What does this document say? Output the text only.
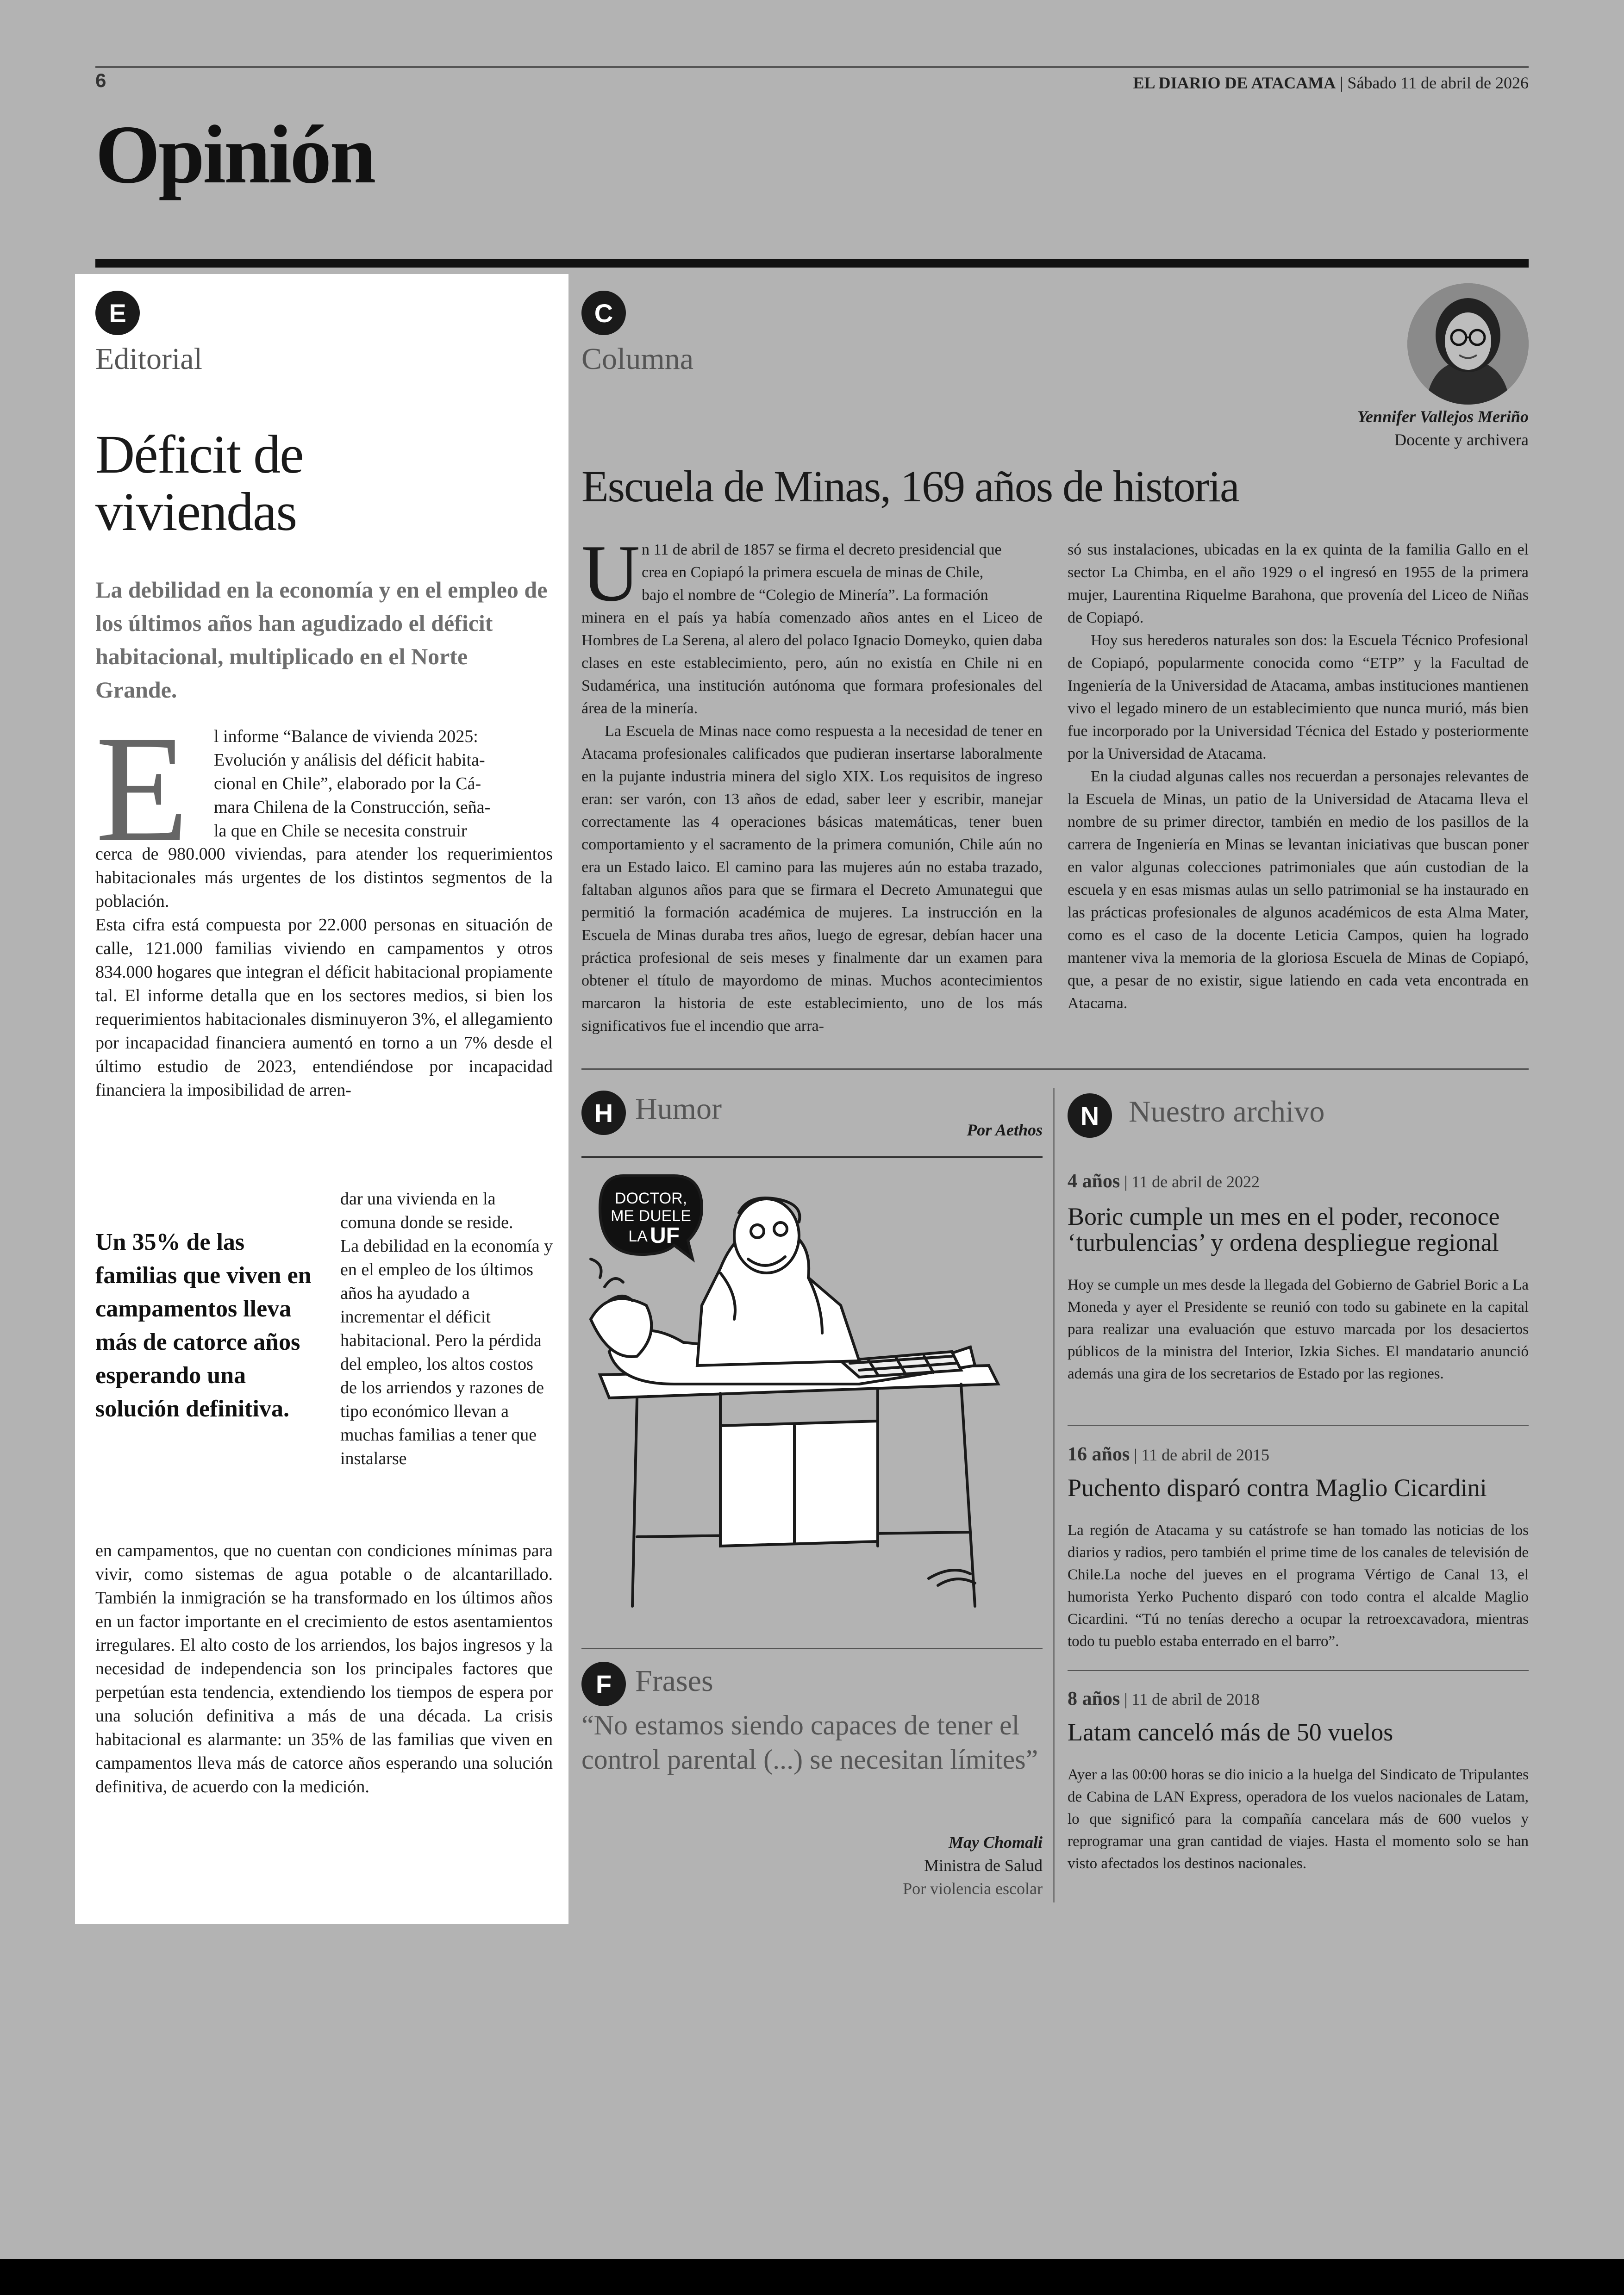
6	EL DIARIO DE ATACAMA | Sábado 11 de abril de 2026
Opinión
E
Editorial
Déficit de
viviendas
La debilidad en la economía y en el empleo de los últimos años han agudizado el déficit habitacional, multiplicado en el Norte Grande.
E l informe “Balance de vivienda 2025:
Evolución y análisis del déficit habita-
cional en Chile”, elaborado por la Cá-
mara Chilena de la Construcción, seña-
la que en Chile se necesita construir

cerca de 980.000 viviendas, para atender los requerimientos habitacionales más urgentes de los distintos segmentos de la población.

Esta cifra está compuesta por 22.000 personas en situación de calle, 121.000 familias viviendo en campamentos y otros 834.000 hogares que integran el déficit habitacional propiamente tal. El informe detalla que en los sectores medios, si bien los requerimientos habitacionales disminuyeron 3%, el allegamiento por incapacidad financiera aumentó en torno a un 7% desde el último estudio de 2023, entendiéndose por incapacidad financiera la imposibilidad de arren-

dar una vivienda en la comuna donde se reside.

La debilidad en la economía y en el empleo de los últimos años ha ayudado a incrementar el déficit habitacional. Pero la pérdida del empleo, los altos costos de los arriendos y razones de tipo económico llevan a muchas familias a tener que instalarse

Un 35% de las familias que viven en campamentos lleva más de catorce años esperando una solución definitiva.

en campamentos, que no cuentan con condiciones mínimas para vivir, como sistemas de agua potable o de alcantarillado. También la inmigración se ha transformado en los últimos años en un factor importante en el crecimiento de estos asentamientos irregulares. El alto costo de los arriendos, los bajos ingresos y la necesidad de independencia son los principales factores que perpetúan esta tendencia, extendiendo los tiempos de espera por una solución definitiva a más de una década. La crisis habitacional es alarmante: un 35% de las familias que viven en campamentos lleva más de catorce años esperando una solución definitiva, de acuerdo con la medición.

C
Columna
Yennifer Vallejos Meriño
Docente y archivera
Escuela de Minas, 169 años de historia
U n 11 de abril de 1857 se firma el decreto presidencial que
crea en Copiapó la primera escuela de minas de Chile,
bajo el nombre de “Colegio de Minería”. La formación
minera en el país ya había comenzado años antes en el Liceo de Hombres de La Serena, al alero del polaco Ignacio Domeyko, quien daba clases en este establecimiento, pero, aún no existía en Chile ni en Sudamérica, una institución autónoma que formara profesionales del área de la minería.
La Escuela de Minas nace como respuesta a la necesidad de tener en Atacama profesionales calificados que pudieran insertarse laboralmente en la pujante industria minera del siglo XIX. Los requisitos de ingreso eran: ser varón, con 13 años de edad, saber leer y escribir, manejar correctamente las 4 operaciones básicas matemáticas, tener buen comportamiento y el sacramento de la primera comunión, Chile aún no era un Estado laico. El camino para las mujeres aún no estaba trazado, faltaban algunos años para que se firmara el Decreto Amunategui que permitió la formación académica de mujeres. La instrucción en la Escuela de Minas duraba tres años, luego de egresar, debían hacer una práctica profesional de seis meses y finalmente dar un examen para obtener el título de mayordomo de minas. Muchos acontecimientos marcaron la historia de este establecimiento, uno de los más significativos fue el incendio que arra-
só sus instalaciones, ubicadas en la ex quinta de la familia Gallo en el sector La Chimba, en el año 1929 o el ingresó en 1955 de la primera mujer, Laurentina Riquelme Barahona, que provenía del Liceo de Niñas de Copiapó.
Hoy sus herederos naturales son dos: la Escuela Técnico Profesional de Copiapó, popularmente conocida como “ETP” y la Facultad de Ingeniería de la Universidad de Atacama, ambas instituciones mantienen vivo el legado minero de un establecimiento que nunca murió, más bien fue incorporado por la Universidad Técnica del Estado y posteriormente por la Universidad de Atacama.
En la ciudad algunas calles nos recuerdan a personajes relevantes de la Escuela de Minas, un patio de la Universidad de Atacama lleva el nombre de su primer director, también en medio de los pasillos de la carrera de Ingeniería en Minas se levantan iniciativas que buscan poner en valor algunas colecciones patrimoniales que aún custodian de la escuela y en esas mismas aulas un sello patrimonial se ha instaurado en las prácticas profesionales de algunos académicos de esta Alma Mater, como es el caso de la docente Leticia Campos, quien ha logrado mantener viva la memoria de la gloriosa Escuela de Minas de Copiapó, que, a pesar de no existir, sigue latiendo en cada veta encontrada en Atacama.
H Humor
Por Aethos
DOCTOR,
ME DUELE
LA UF
F Frases
“No estamos siendo capaces de tener el control parental (...) se necesitan límites”
May Chomali
Ministra de Salud
Por violencia escolar
N Nuestro archivo
4 años | 11 de abril de 2022
Boric cumple un mes en el poder, reconoce ‘turbulencias’ y ordena despliegue regional
Hoy se cumple un mes desde la llegada del Gobierno de Gabriel Boric a La Moneda y ayer el Presidente se reunió con todo su gabinete en la capital para realizar una evaluación que estuvo marcada por los desaciertos públicos de la ministra del Interior, Izkia Siches. El mandatario anunció además una gira de los secretarios de Estado por las regiones.
16 años | 11 de abril de 2015
Puchento disparó contra Maglio Cicardini
La región de Atacama y su catástrofe se han tomado las noticias de los diarios y radios, pero también el prime time de los canales de televisión de Chile.La noche del jueves en el programa Vértigo de Canal 13, el humorista Yerko Puchento disparó con todo contra el alcalde Maglio Cicardini. “Tú no tenías derecho a ocupar la retroexcavadora, mientras todo tu pueblo estaba enterrado en el barro”.
8 años | 11 de abril de 2018
Latam canceló más de 50 vuelos
Ayer a las 00:00 horas se dio inicio a la huelga del Sindicato de Tripulantes de Cabina de LAN Express, operadora de los vuelos nacionales de Latam, lo que significó para la compañía cancelara más de 600 vuelos y reprogramar una gran cantidad de viajes. Hasta el momento solo se han visto afectados los destinos nacionales.
